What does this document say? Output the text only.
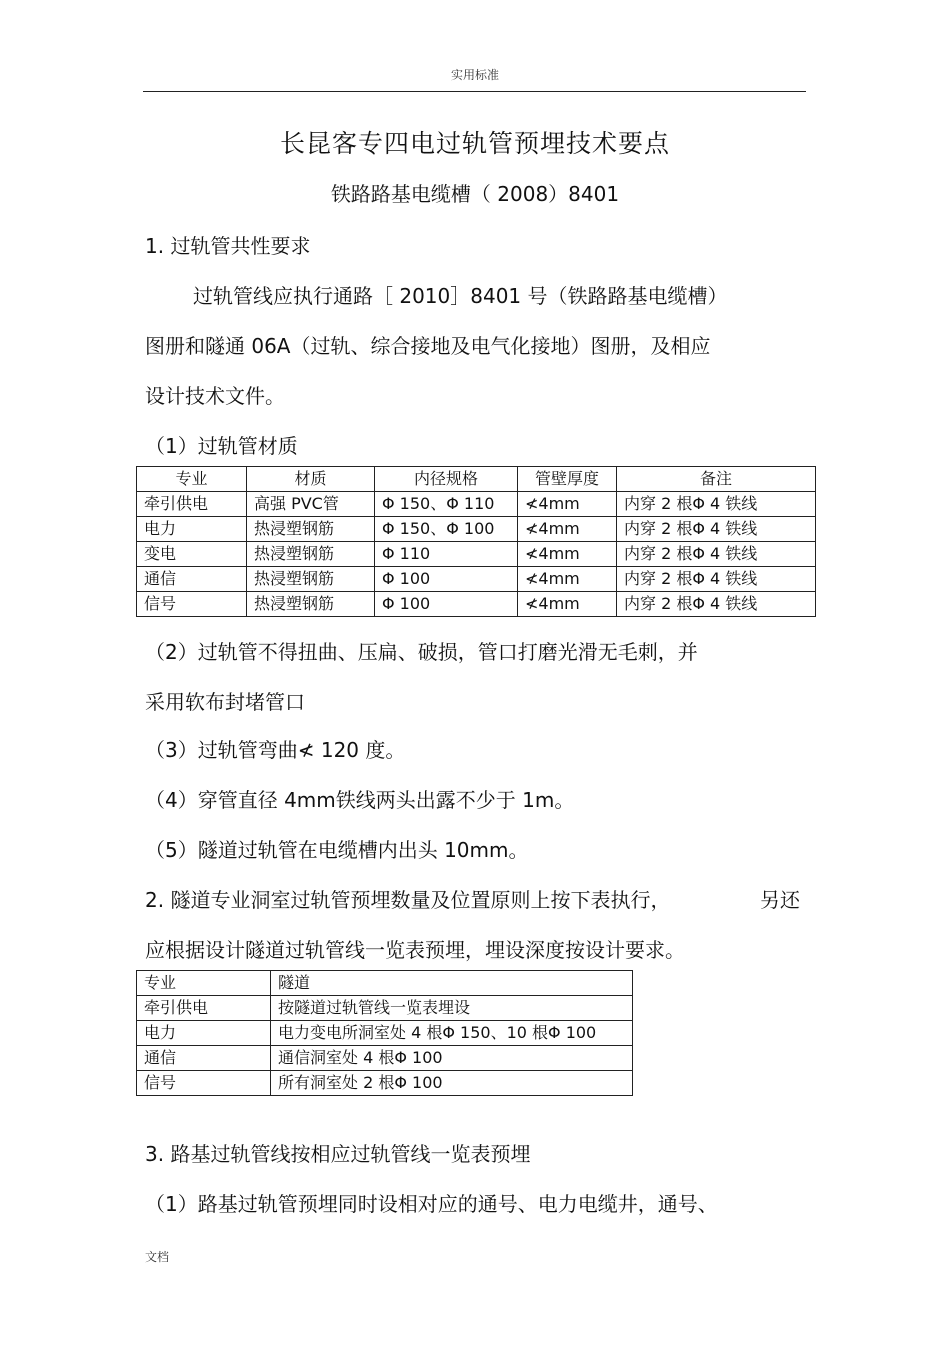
实用标准
长昆客专四电过轨管预埋技术要点
铁路路基电缆槽（ 2008）8401
1. 过轨管共性要求
过轨管线应执行通路［ 2010］8401 号（铁路路基电缆槽）
图册和隧通 06A（过轨、综合接地及电气化接地）图册，及相应
设计技术文件。
（1）过轨管材质
专业	材质	内径规格	管壁厚度	备注
牵引供电	高强 PVC管	Φ 150、Φ 110	≮4mm	内穿 2 根Φ 4 铁线
电力	热浸塑钢筋	Φ 150、Φ 100	≮4mm	内穿 2 根Φ 4 铁线
变电	热浸塑钢筋	Φ 110	≮4mm	内穿 2 根Φ 4 铁线
通信	热浸塑钢筋	Φ 100	≮4mm	内穿 2 根Φ 4 铁线
信号	热浸塑钢筋	Φ 100	≮4mm	内穿 2 根Φ 4 铁线
（2）过轨管不得扭曲、压扁、破损，管口打磨光滑无毛刺，并
采用软布封堵管口
（3）过轨管弯曲≮ 120 度。
（4）穿管直径 4mm铁线两头出露不少于 1m。
（5）隧道过轨管在电缆槽内出头 10mm。
2. 隧道专业洞室过轨管预埋数量及位置原则上按下表执行，	另还
应根据设计隧道过轨管线一览表预埋，埋设深度按设计要求。
专业	隧道
牵引供电	按隧道过轨管线一览表埋设
电力	电力变电所洞室处 4 根Φ 150、10 根Φ 100
通信	通信洞室处 4 根Φ 100
信号	所有洞室处 2 根Φ 100
3. 路基过轨管线按相应过轨管线一览表预埋
（1）路基过轨管预埋同时设相对应的通号、电力电缆井，通号、
文档
